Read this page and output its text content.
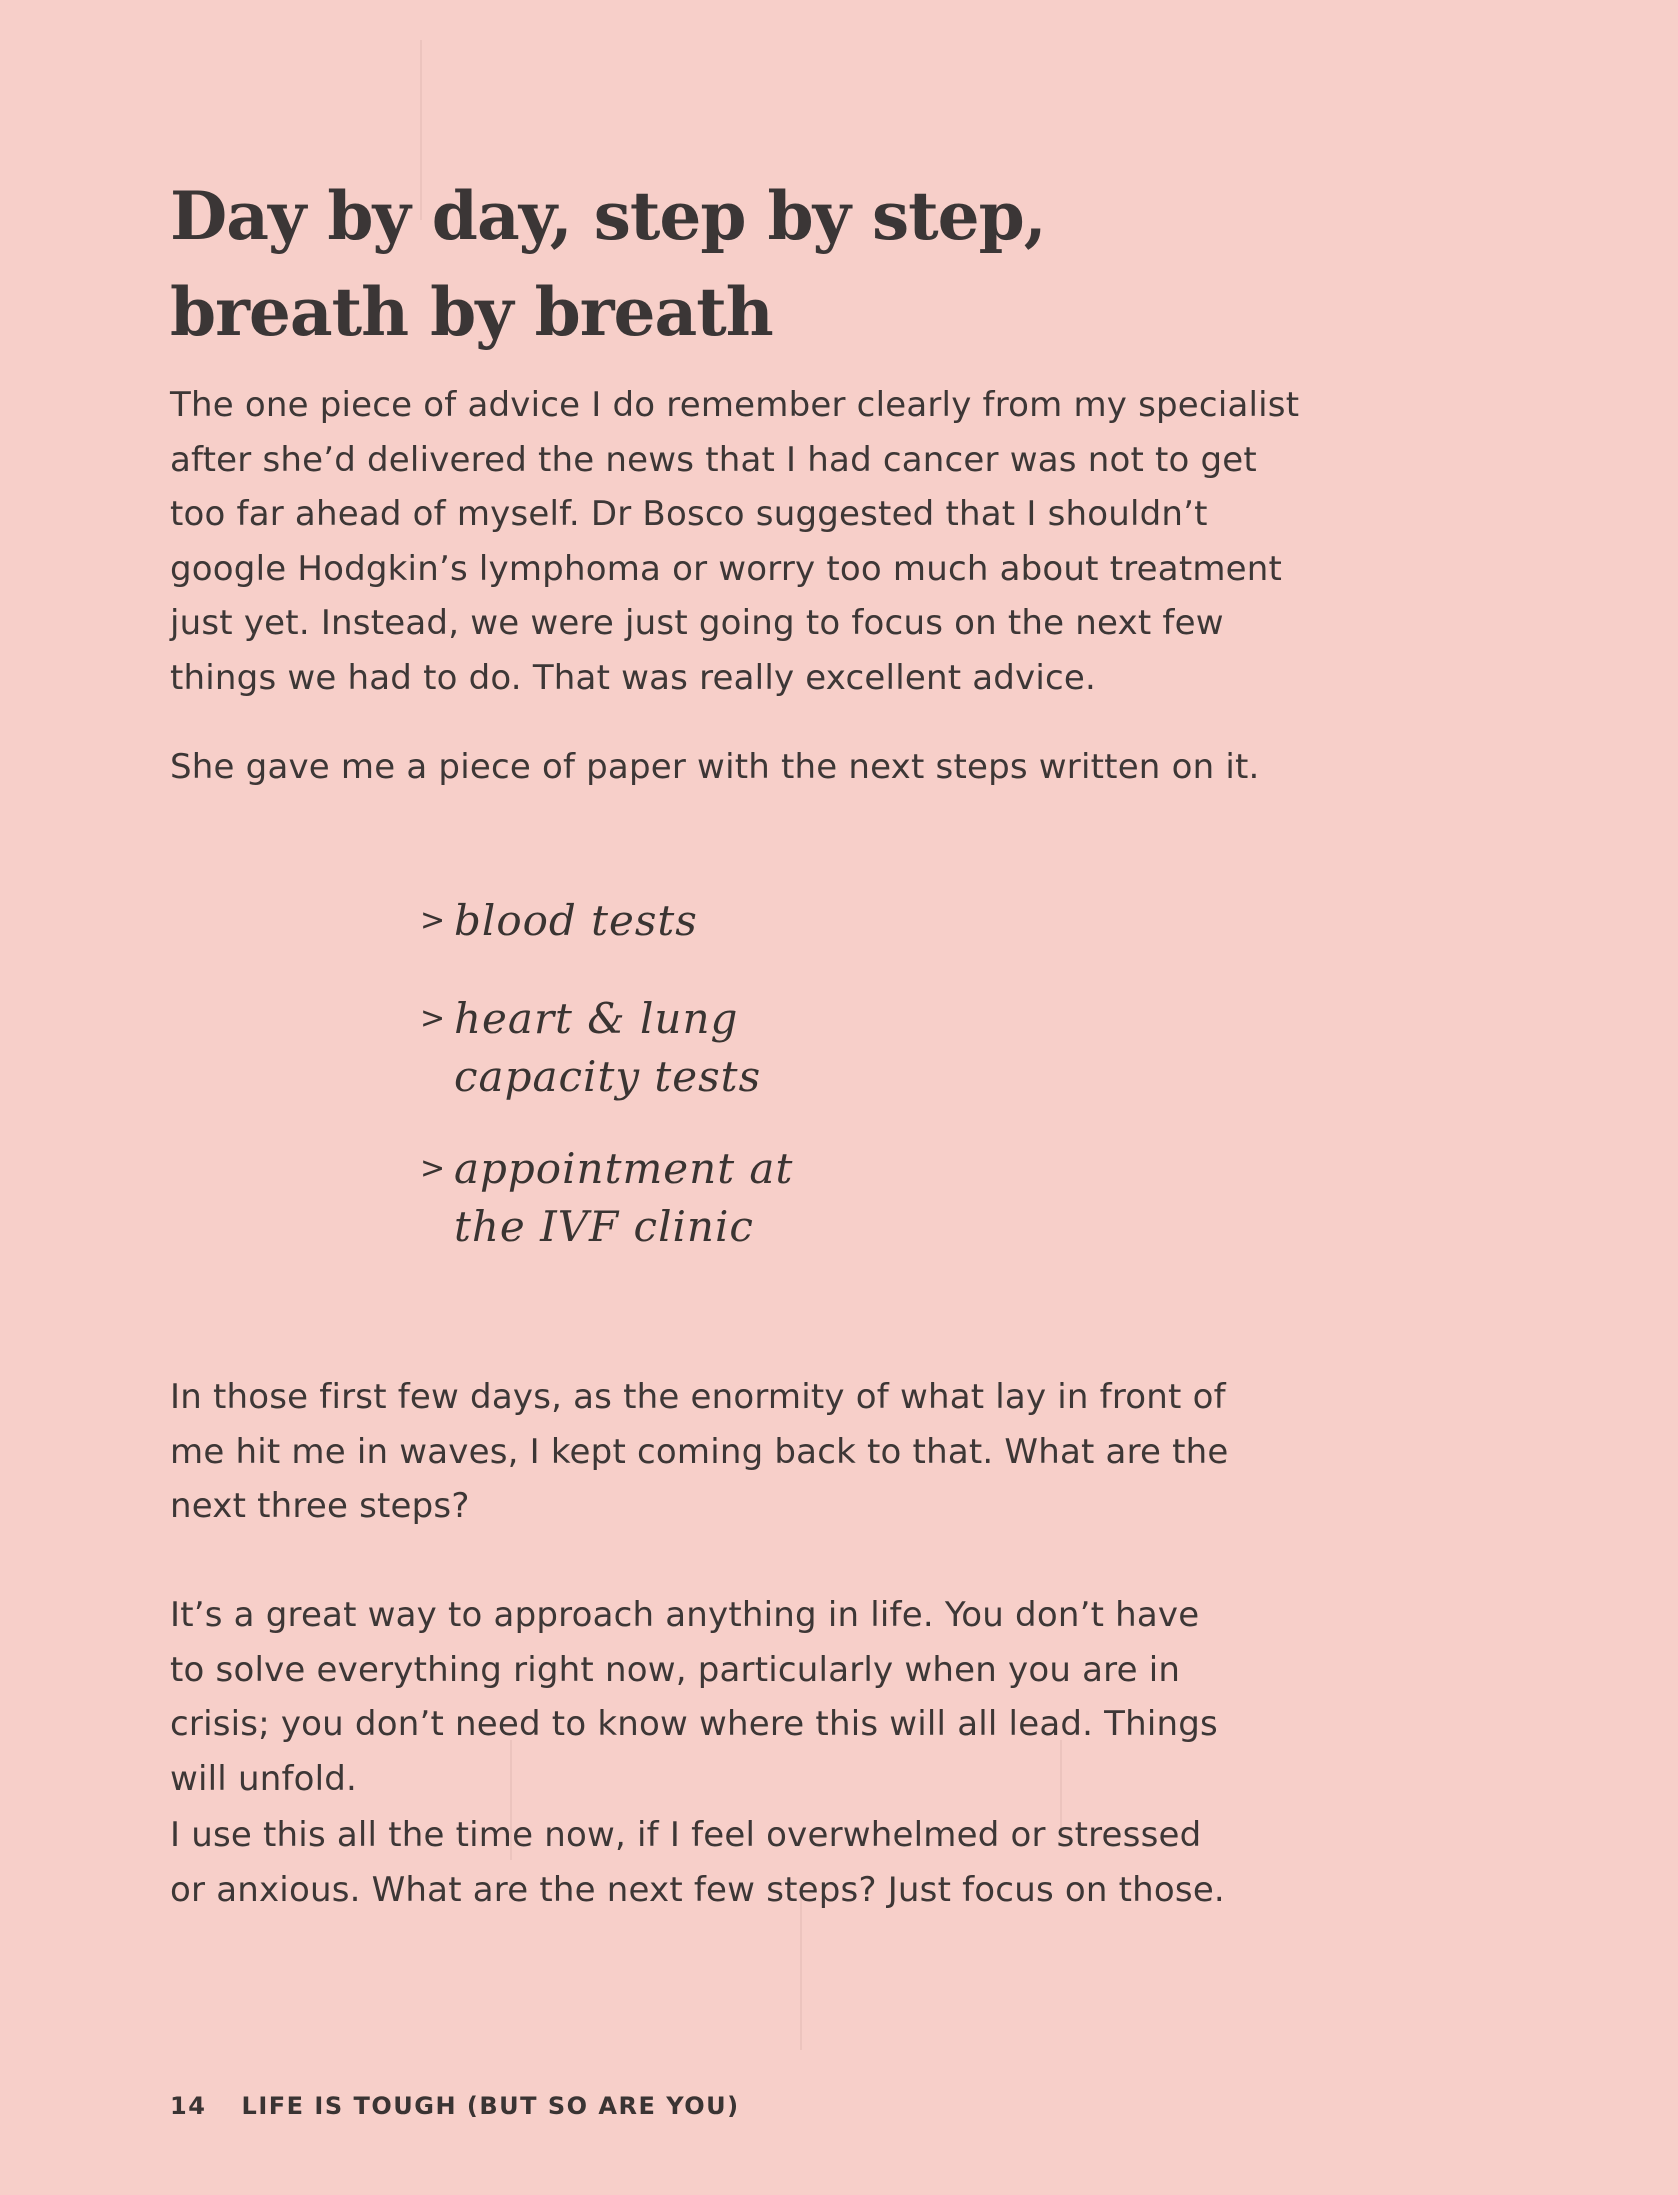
Day by day, step by step,
breath by breath

The one piece of advice I do remember clearly from my specialist
after she’d delivered the news that I had cancer was not to get
too far ahead of myself. Dr Bosco suggested that I shouldn’t
google Hodgkin’s lymphoma or worry too much about treatment
just yet. Instead, we were just going to focus on the next few
things we had to do. That was really excellent advice.

She gave me a piece of paper with the next steps written on it.

> blood tests
> heart & lung
capacity tests
> appointment at
the IVF clinic

In those first few days, as the enormity of what lay in front of
me hit me in waves, I kept coming back to that. What are the
next three steps?

It’s a great way to approach anything in life. You don’t have
to solve everything right now, particularly when you are in
crisis; you don’t need to know where this will all lead. Things
will unfold.

I use this all the time now, if I feel overwhelmed or stressed
or anxious. What are the next few steps? Just focus on those.

14 LIFE IS TOUGH (BUT SO ARE YOU)
